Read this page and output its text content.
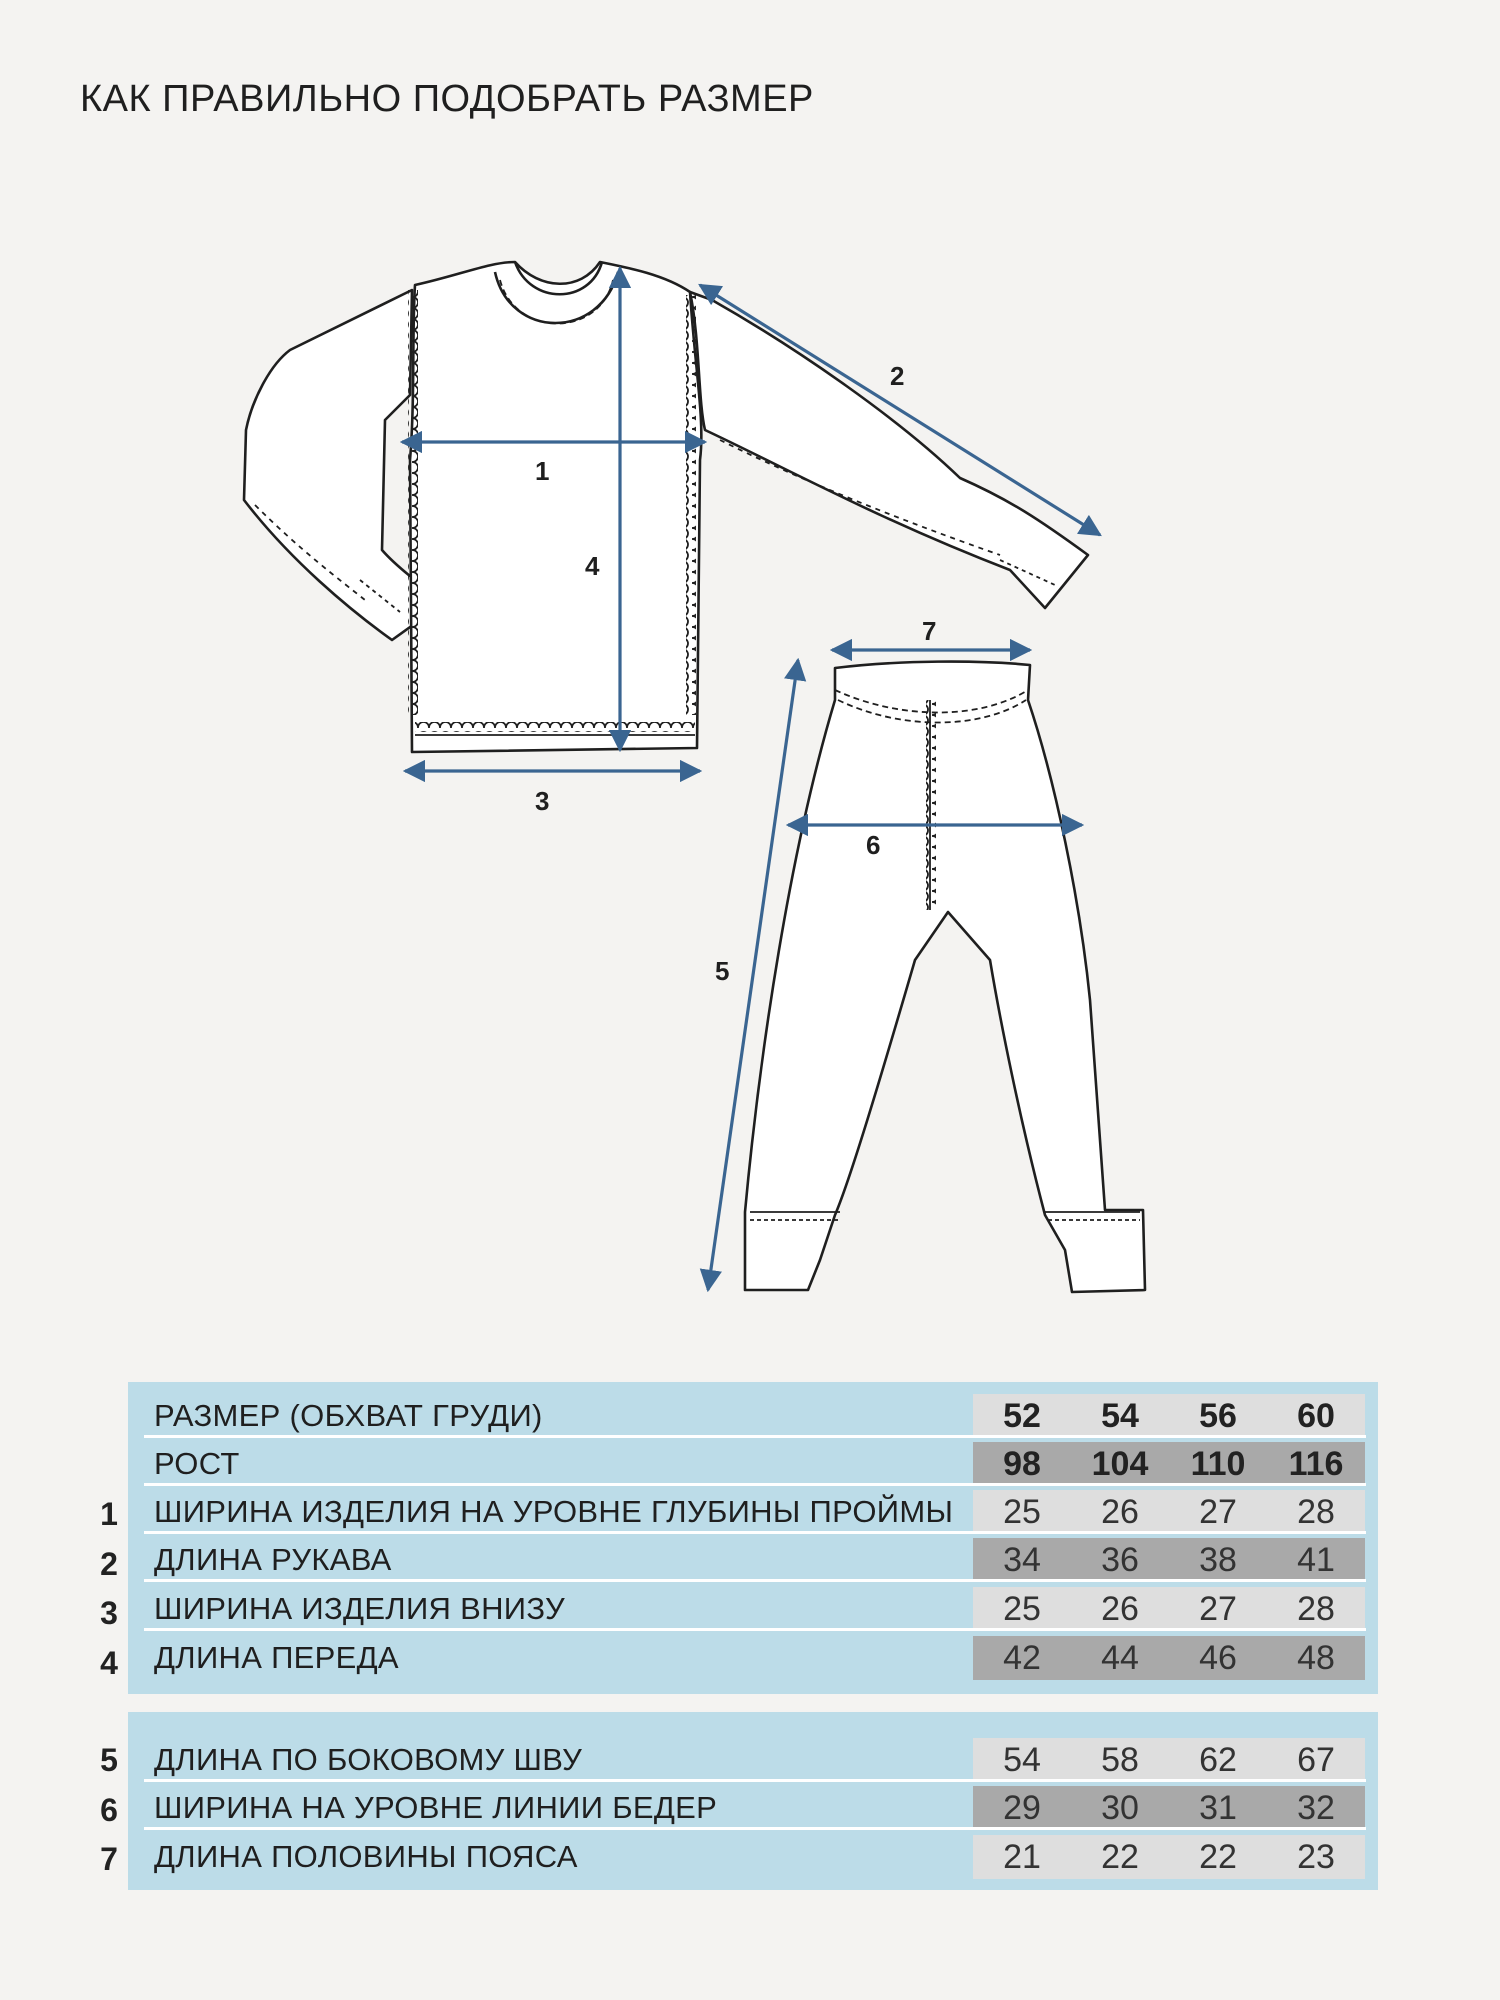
КАК ПРАВИЛЬНО ПОДОБРАТЬ РАЗМЕР
1
2
3
4
5
6
7
1
2
3
4
5
6
7
РАЗМЕР (ОБХВАТ ГРУДИ)	52	54	56	60
РОСТ	98	104	110	116
ШИРИНА ИЗДЕЛИЯ НА УРОВНЕ ГЛУБИНЫ ПРОЙМЫ	25	26	27	28
ДЛИНА РУКАВА	34	36	38	41
ШИРИНА ИЗДЕЛИЯ ВНИЗУ	25	26	27	28
ДЛИНА ПЕРЕДА	42	44	46	48
ДЛИНА ПО БОКОВОМУ ШВУ	54	58	62	67
ШИРИНА НА УРОВНЕ ЛИНИИ БЕДЕР	29	30	31	32
ДЛИНА ПОЛОВИНЫ ПОЯСА	21	22	22	23
